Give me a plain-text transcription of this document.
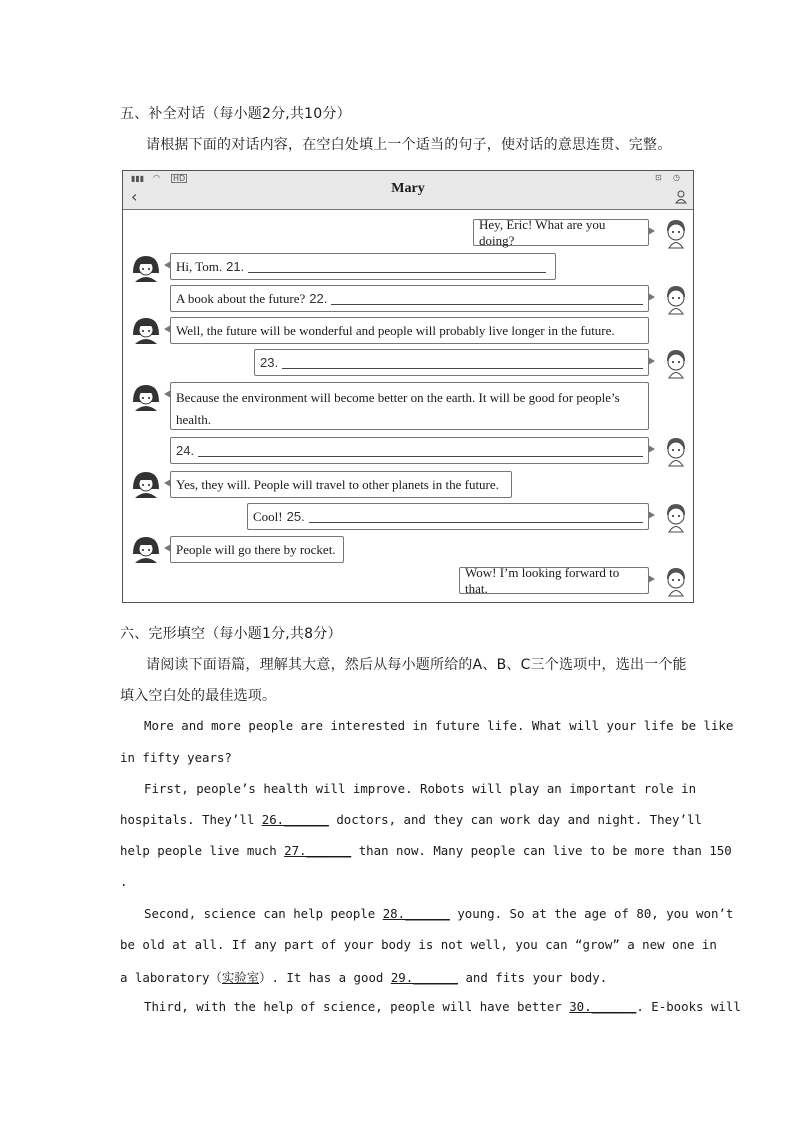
五、补全对话（每小题2分,共10分）
请根据下面的对话内容，在空白处填上一个适当的句子，使对话的意思连贯、完整。
▮▮▮ ◠ HD	⊡ ◷
Mary
‹
Hey, Eric! What are you doing?
Hi, Tom. 21.
A book about the future? 22.
Well, the future will be wonderful and people will probably live longer in the future.
23.
Because the environment will become better on the earth. It will be good for people’s
health.
24.
Yes, they will. People will travel to other planets in the future.
Cool! 25.
People will go there by rocket.
Wow! I’m looking forward to that.
六、完形填空（每小题1分,共8分）
请阅读下面语篇，理解其大意，然后从每小题所给的A、B、C三个选项中，选出一个能
填入空白处的最佳选项。
More and more people are interested in future life. What will your life be like
in fifty years?
First, people’s health will improve. Robots will play an important role in
hospitals. They’ll 26.______ doctors, and they can work day and night. They’ll
help people live much 27.______ than now. Many people can live to be more than 150
.
Second, science can help people 28.______ young. So at the age of 80, you won’t
be old at all. If any part of your body is not well, you can “grow” a new one in
a laboratory（实验室）. It has a good 29.______ and fits your body.
Third, with the help of science, people will have better 30.______. E-books will
